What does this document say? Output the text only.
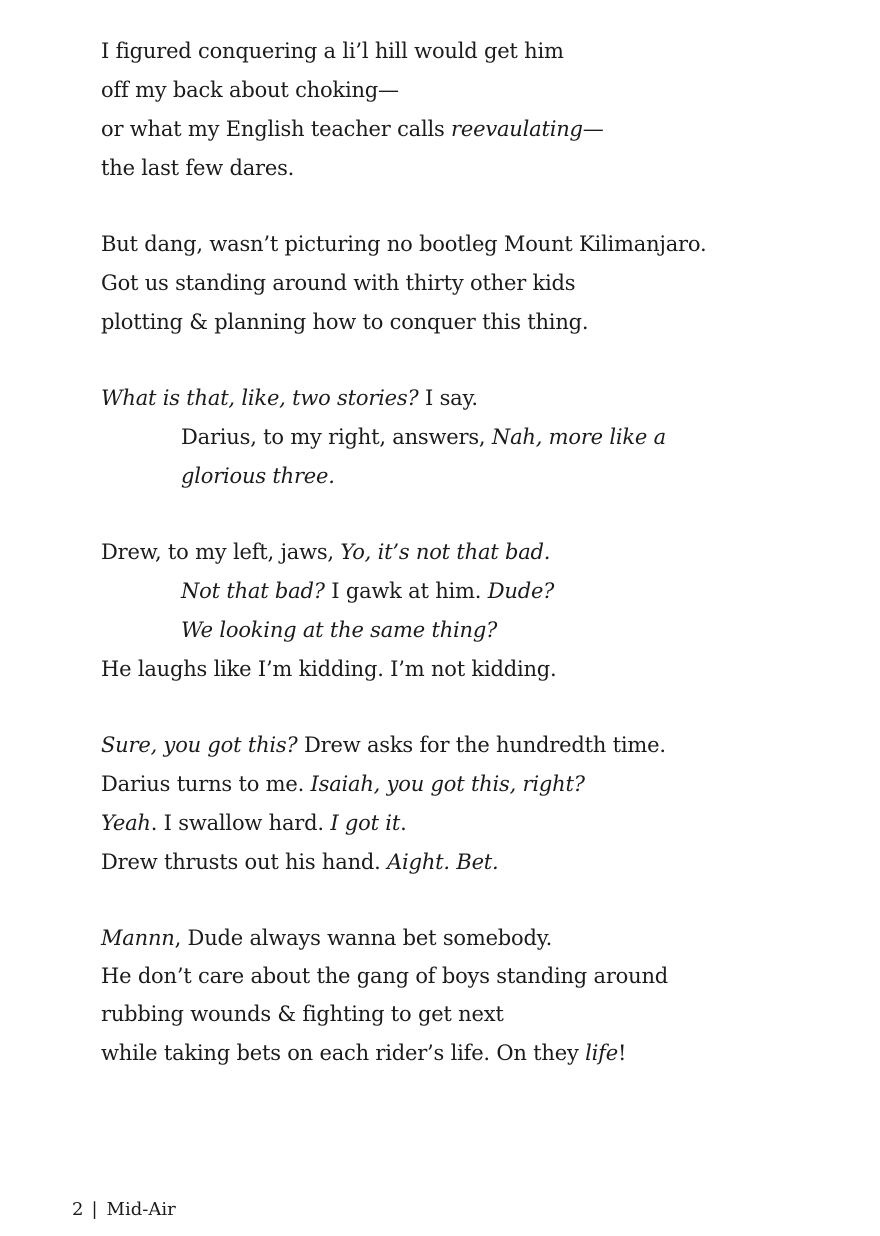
I figured conquering a li’l hill would get him
off my back about choking—
or what my English teacher calls reevaulating—
the last few dares.
But dang, wasn’t picturing no bootleg Mount Kilimanjaro.
Got us standing around with thirty other kids
plotting & planning how to conquer this thing.
What is that, like, two stories? I say.
Darius, to my right, answers, Nah, more like a
glorious three.
Drew, to my left, jaws, Yo, it’s not that bad.
Not that bad? I gawk at him. Dude?
We looking at the same thing?
He laughs like I’m kidding. I’m not kidding.
Sure, you got this? Drew asks for the hundredth time.
Darius turns to me. Isaiah, you got this, right?
Yeah. I swallow hard. I got it.
Drew thrusts out his hand. Aight. Bet.
Mannn, Dude always wanna bet somebody.
He don’t care about the gang of boys standing around
rubbing wounds & fighting to get next
while taking bets on each rider’s life. On they life!
2 | Mid-Air
